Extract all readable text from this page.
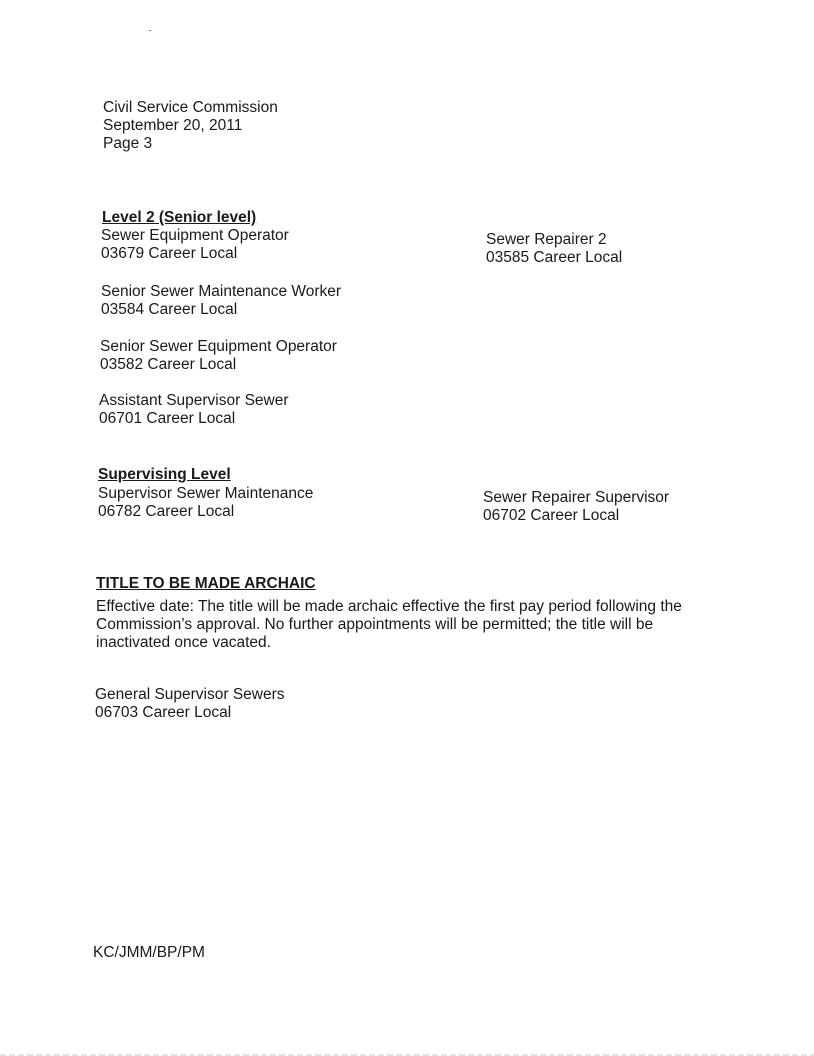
Civil Service Commission
September 20, 2011
Page 3
Level 2 (Senior level)
Sewer Equipment Operator
03679 Career Local
Senior Sewer Maintenance Worker
03584 Career Local
Senior Sewer Equipment Operator
03582 Career Local
Assistant Supervisor Sewer
06701 Career Local
Sewer Repairer 2
03585 Career Local
Supervising Level
Supervisor Sewer Maintenance
06782 Career Local
Sewer Repairer Supervisor
06702 Career Local
TITLE TO BE MADE ARCHAIC
Effective date: The title will be made archaic effective the first pay period following the
Commission’s approval. No further appointments will be permitted; the title will be
inactivated once vacated.
General Supervisor Sewers
06703 Career Local
KC/JMM/BP/PM
